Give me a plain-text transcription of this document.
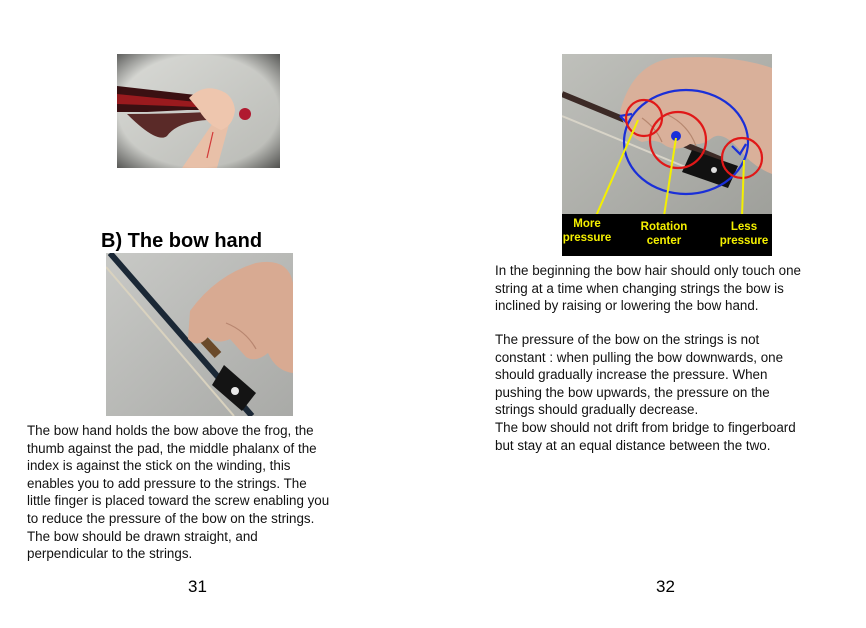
B) The bow hand

The bow hand holds the bow above the frog, the

thumb against the pad, the middle phalanx of the

index is against the stick on the winding, this

enables you to add pressure to the strings. The

little finger is placed toward the screw enabling you

to reduce the pressure of the bow on the strings.

The bow should be drawn straight, and

perpendicular to the strings.

31
More
pressure
Rotation
center
Less
pressure

In the beginning the bow hair should only touch one

string at a time when changing strings the bow is

inclined by raising or lowering the bow hand.

The pressure of the bow on the strings is not

constant : when pulling the bow downwards, one

should gradually increase the pressure. When

pushing the bow upwards, the pressure on the

strings should gradually decrease.

The bow should not drift from bridge to fingerboard

but stay at an equal distance between the two.

32
